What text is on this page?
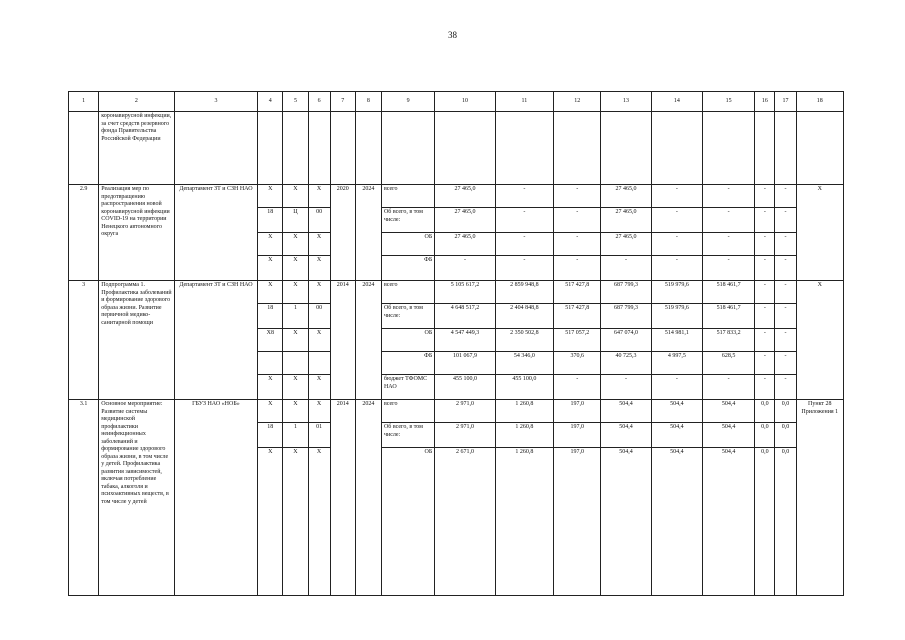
38
1	2	3	4	5	6	7	8	9	10	11	12	13	14	15	16	17	18
	коронавирусной инфекции, за счет средств резервного фонда Правительства Российской Федерации																
2.9	Реализация мер по предотвращению распространения новой коронавирусной инфекции COVID-19 на территории Ненецкого автономного округа	Департамент ЗТ и СЗН НАО	Х	Х	Х	2020	2024	всего	27 465,0	-	-	27 465,0	-	-	-	-	Х
			18	Ц	00			Об всего, в том числе:	27 465,0	-	-	27 465,0	-	-	-	-	
			Х	Х	Х			ОБ	27 465,0	-	-	27 465,0	-	-	-	-	
			Х	Х	Х			ФБ	-	-	-	-	-	-	-	-	
3	Подпрограмма 1. Профилактика заболеваний и формирование здорового образа жизни. Развитие первичной медико-санитарной помощи	Департамент ЗТ и СЗН НАО	Х	Х	Х	2014	2024	всего	5 105 617,2	2 859 948,8	517 427,8	687 799,3	519 979,6	518 461,7	-	-	Х
			18	1	00			Об всего, в том числе:	4 648 517,2	2 404 848,8	517 427,8	687 799,3	519 979,6	518 461,7	-	-	
			Х8	Х	Х			ОБ	4 547 449,3	2 350 502,8	517 057,2	647 074,0	514 981,1	517 833,2	-	-	
								ФБ	101 067,9	54 346,0	370,6	40 725,3	4 997,5	628,5	-	-	
			Х	Х	Х			бюджет ТФОМС НАО	455 100,0	455 100,0	-	-	-	-	-	-	
3.1	Основное мероприятие: Развитие системы медицинской профилактики неинфекционных заболеваний и формирование здорового образа жизни, в том числе у детей. Профилактика развития зависимостей, включая потребление табака, алкоголя и психоактивных веществ, в том числе у детей	ГБУЗ НАО «НОБ»	Х	Х	Х	2014	2024	всего	2 971,0	1 260,8	197,0	504,4	504,4	504,4	0,0	0,0	Пункт 28 Приложения 1
			18	1	01			Об всего, в том числе:	2 971,0	1 260,8	197,0	504,4	504,4	504,4	0,0	0,0	
			Х	Х	Х			ОБ	2 671,0	1 260,8	197,0	504,4	504,4	504,4	0,0	0,0	
